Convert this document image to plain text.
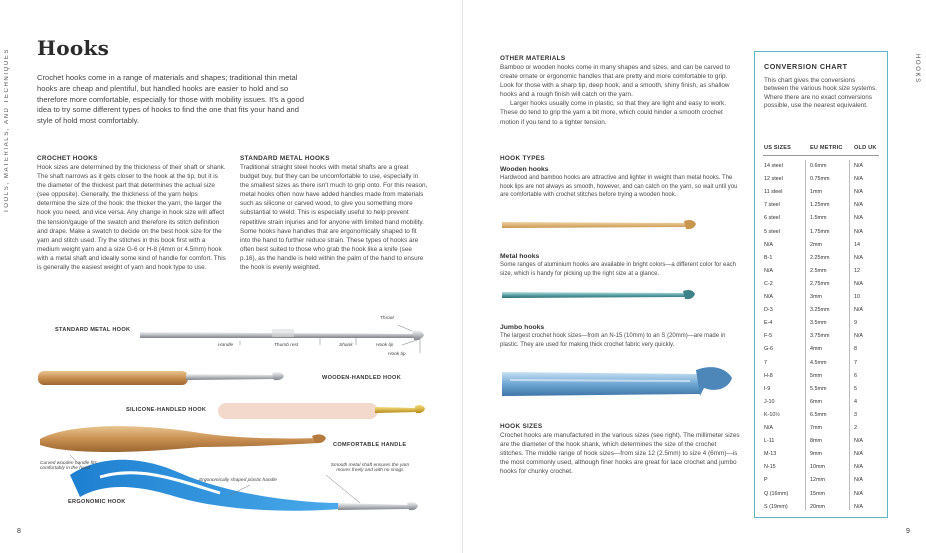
TOOLS, MATERIALS, AND TECHNIQUES Hooks
Crochet hooks come in a range of materials and shapes; traditional thin metal hooks are cheap and plentiful, but handled hooks are easier to hold and so therefore more comfortable, especially for those with mobility issues. It's a good idea to try some different types of hooks to find the one that fits your hand and style of hold most comfortably.

CROCHET HOOKS

Hook sizes are determined by the thickness of their shaft or shank. The shaft narrows as it gets closer to the hook at the tip, but it is the diameter of the thickest part that determines the actual size (see opposite). Generally, the thickness of the yarn helps determine the size of the hook: the thicker the yarn, the larger the hook you need, and vice versa. Any change in hook size will affect the tension/gauge of the swatch and therefore its stitch definition and drape. Make a swatch to decide on the best hook size for the yarn and stitch used. Try the stitches in this book first with a medium weight yarn and a size G-6 or H-8 (4mm or 4.5mm) hook with a metal shaft and ideally some kind of handle for comfort. This is generally the easiest weight of yarn and hook type to use.

STANDARD METAL HOOKS

Traditional straight steel hooks with metal shafts are a great budget buy, but they can be uncomfortable to use, especially in the smallest sizes as there isn't much to grip onto. For this reason, metal hooks often now have added handles made from materials such as silicone or carved wood, to give you something more substantial to wield. This is especially useful to help prevent repetitive strain injuries and for anyone with limited hand mobility. Some hooks have handles that are ergonomically shaped to fit into the hand to further reduce strain. These types of hooks are often best suited to those who grab the hook like a knife (see p.16), as the handle is held within the palm of the hand to ensure the hook is evenly weighted.

STANDARD METAL HOOK
Throat
Handle	Thumb rest	Shank	Hook lip
Hook tip
WOODEN-HANDLED HOOK
SILICONE-HANDLED HOOK
COMFORTABLE HANDLE
Curved wooden handle fits comfortably in the hand
Ergonomically shaped plastic handle
Smooth metal shaft ensures the yarn moves freely and with no snags
ERGONOMIC HOOK
8
HOOKS

OTHER MATERIALS

Bamboo or wooden hooks come in many shapes and sizes, and can be carved to create ornate or ergonomic handles that are pretty and more comfortable to grip. Look for those with a sharp tip, deep hook, and a smooth, shiny finish, as shallow hooks and a rough finish will catch on the yarn.

Larger hooks usually come in plastic, so that they are light and easy to work. These do tend to grip the yarn a bit more, which could hinder a smooth crochet motion if you tend to a tighter tension.

HOOK TYPES

Wooden hooks

Hardwood and bamboo hooks are attractive and lighter in weight than metal hooks. The hook lips are not always as smooth, however, and can catch on the yarn, so wait until you are comfortable with crochet stitches before trying a wooden hook.

Metal hooks

Some ranges of aluminium hooks are available in bright colors—a different color for each size, which is handy for picking up the right size at a glance.

Jumbo hooks

The largest crochet hook sizes—from an N-15 (10mm) to an S (20mm)—are made in plastic. They are used for making thick crochet fabric very quickly.

HOOK SIZES

Crochet hooks are manufactured in the various sizes (see right). The millimeter sizes are the diameter of the hook shank, which determines the size of the crochet stitches. The middle range of hook sizes—from size 12 (2.5mm) to size 4 (6mm)—is the most commonly used, although finer hooks are great for lace crochet and jumbo hooks for chunky crochet.

9
CONVERSION CHART
This chart gives the conversions between the various hook size systems. Where there are no exact conversions possible, use the nearest equivalent.
US SIZES	EU METRIC OLD UK
14 steel	0.6mm	N/A
12 steel	0.75mm	N/A
11 steel	1mm	N/A
7 steel	1.25mm	N/A
6 steel	1.5mm	N/A
5 steel	1.75mm	N/A
N/A	2mm	14
B-1	2.25mm	N/A
N/A	2.5mm	12
C-2	2.75mm	N/A
N/A	3mm	10
D-3	3.25mm	N/A
E-4	3.5mm	9
F-5	3.75mm	N/A
G-6	4mm	8
7	4.5mm	7
H-8	5mm	6
I-9	5.5mm	5
J-10	6mm	4
K-10½	6.5mm	3
N/A	7mm	2
L-11	8mm	N/A
M-13	9mm	N/A
N-15	10mm	N/A
P	12mm	N/A
Q (16mm)	15mm	N/A
S (19mm)	20mm	N/A
